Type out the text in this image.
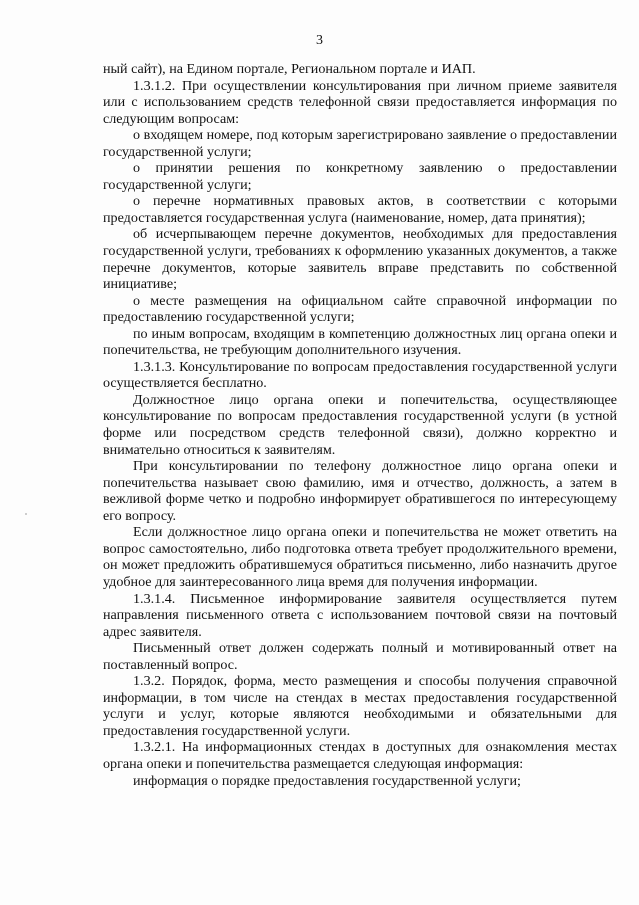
3

ный сайт), на Едином портале, Региональном портале и ИАП.

1.3.1.2. При осуществлении консультирования при личном приеме заявителя или с использованием средств телефонной связи предоставляется информация по следующим вопросам:

о входящем номере, под которым зарегистрировано заявление о предоставлении государственной услуги;

о принятии решения по конкретному заявлению о предоставлении государственной услуги;

о перечне нормативных правовых актов, в соответствии с которыми предоставляется государственная услуга (наименование, номер, дата принятия);

об исчерпывающем перечне документов, необходимых для предоставления государственной услуги, требованиях к оформлению указанных документов, а также перечне документов, которые заявитель вправе представить по собственной инициативе;

о месте размещения на официальном сайте справочной информации по предоставлению государственной услуги;

по иным вопросам, входящим в компетенцию должностных лиц органа опеки и попечительства, не требующим дополнительного изучения.

1.3.1.3. Консультирование по вопросам предоставления государственной услуги осуществляется бесплатно.

Должностное лицо органа опеки и попечительства, осуществляющее консультирование по вопросам предоставления государственной услуги (в устной форме или посредством средств телефонной связи), должно корректно и внимательно относиться к заявителям.

При консультировании по телефону должностное лицо органа опеки и попечительства называет свою фамилию, имя и отчество, должность, а затем в вежливой форме четко и подробно информирует обратившегося по интересующему его вопросу.

Если должностное лицо органа опеки и попечительства не может ответить на вопрос самостоятельно, либо подготовка ответа требует продолжительного времени, он может предложить обратившемуся обратиться письменно, либо назначить другое удобное для заинтересованного лица время для получения информации.

1.3.1.4. Письменное информирование заявителя осуществляется путем направления письменного ответа с использованием почтовой связи на почтовый адрес заявителя.

Письменный ответ должен содержать полный и мотивированный ответ на поставленный вопрос.

1.3.2. Порядок, форма, место размещения и способы получения справочной информации, в том числе на стендах в местах предоставления государственной услуги и услуг, которые являются необходимыми и обязательными для предоставления государственной услуги.

1.3.2.1. На информационных стендах в доступных для ознакомления местах органа опеки и попечительства размещается следующая информация:

информация о порядке предоставления государственной услуги;
